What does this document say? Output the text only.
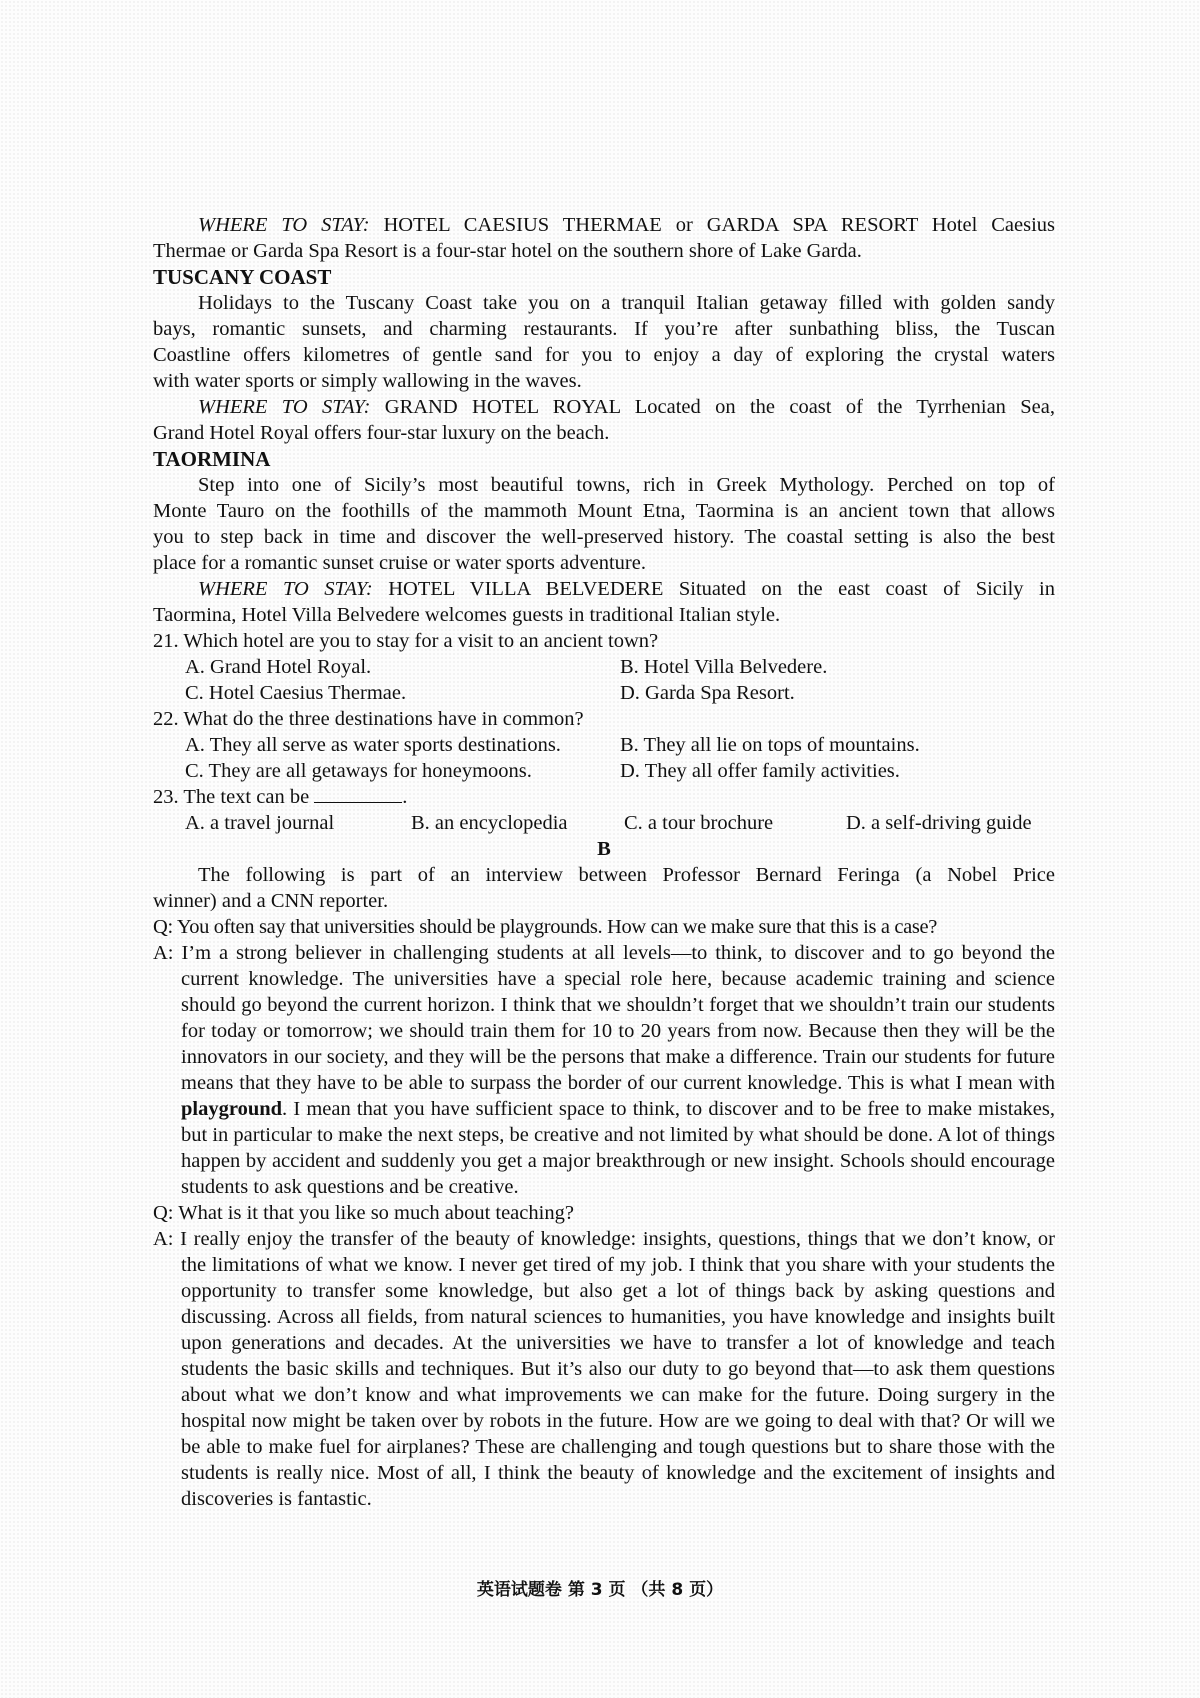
WHERE TO STAY: HOTEL CAESIUS THERMAE or GARDA SPA RESORT Hotel Caesius

Thermae or Garda Spa Resort is a four-star hotel on the southern shore of Lake Garda.

TUSCANY COAST

Holidays to the Tuscany Coast take you on a tranquil Italian getaway filled with golden sandy

bays, romantic sunsets, and charming restaurants. If you’re after sunbathing bliss, the Tuscan

Coastline offers kilometres of gentle sand for you to enjoy a day of exploring the crystal waters

with water sports or simply wallowing in the waves.

WHERE TO STAY: GRAND HOTEL ROYAL Located on the coast of the Tyrrhenian Sea,

Grand Hotel Royal offers four-star luxury on the beach.

TAORMINA

Step into one of Sicily’s most beautiful towns, rich in Greek Mythology. Perched on top of

Monte Tauro on the foothills of the mammoth Mount Etna, Taormina is an ancient town that allows

you to step back in time and discover the well-preserved history. The coastal setting is also the best

place for a romantic sunset cruise or water sports adventure.

WHERE TO STAY: HOTEL VILLA BELVEDERE Situated on the east coast of Sicily in

Taormina, Hotel Villa Belvedere welcomes guests in traditional Italian style.

21. Which hotel are you to stay for a visit to an ancient town?

A. Grand Hotel Royal.	B. Hotel Villa Belvedere.
C. Hotel Caesius Thermae.	D. Garda Spa Resort.

22. What do the three destinations have in common?

A. They all serve as water sports destinations.	B. They all lie on tops of mountains.
C. They are all getaways for honeymoons.	D. They all offer family activities.

23. The text can be	.

A. a travel journal	B. an encyclopedia	C. a tour brochure	D. a self-driving guide

B

The following is part of an interview between Professor Bernard Feringa (a Nobel Price

winner) and a CNN reporter.

Q: You often say that universities should be playgrounds. How can we make sure that this is a case?

A: I’m a strong believer in challenging students at all levels—to think, to discover and to go beyond the current knowledge. The universities have a special role here, because academic training and science should go beyond the current horizon. I think that we shouldn’t forget that we shouldn’t train our students for today or tomorrow; we should train them for 10 to 20 years from now. Because then they will be the innovators in our society, and they will be the persons that make a difference. Train our students for future means that they have to be able to surpass the border of our current knowledge. This is what I mean with playground. I mean that you have sufficient space to think, to discover and to be free to make mistakes, but in particular to make the next steps, be creative and not limited by what should be done. A lot of things happen by accident and suddenly you get a major breakthrough or new insight. Schools should encourage students to ask questions and be creative.

Q: What is it that you like so much about teaching?

A: I really enjoy the transfer of the beauty of knowledge: insights, questions, things that we don’t know, or the limitations of what we know. I never get tired of my job. I think that you share with your students the opportunity to transfer some knowledge, but also get a lot of things back by asking questions and discussing. Across all fields, from natural sciences to humanities, you have knowledge and insights built upon generations and decades. At the universities we have to transfer a lot of knowledge and teach students the basic skills and techniques. But it’s also our duty to go beyond that—to ask them questions about what we don’t know and what improvements we can make for the future. Doing surgery in the hospital now might be taken over by robots in the future. How are we going to deal with that? Or will we be able to make fuel for airplanes? These are challenging and tough questions but to share those with the students is really nice. Most of all, I think the beauty of knowledge and the excitement of insights and discoveries is fantastic.

英语试题卷 第 3 页 （共 8 页）
